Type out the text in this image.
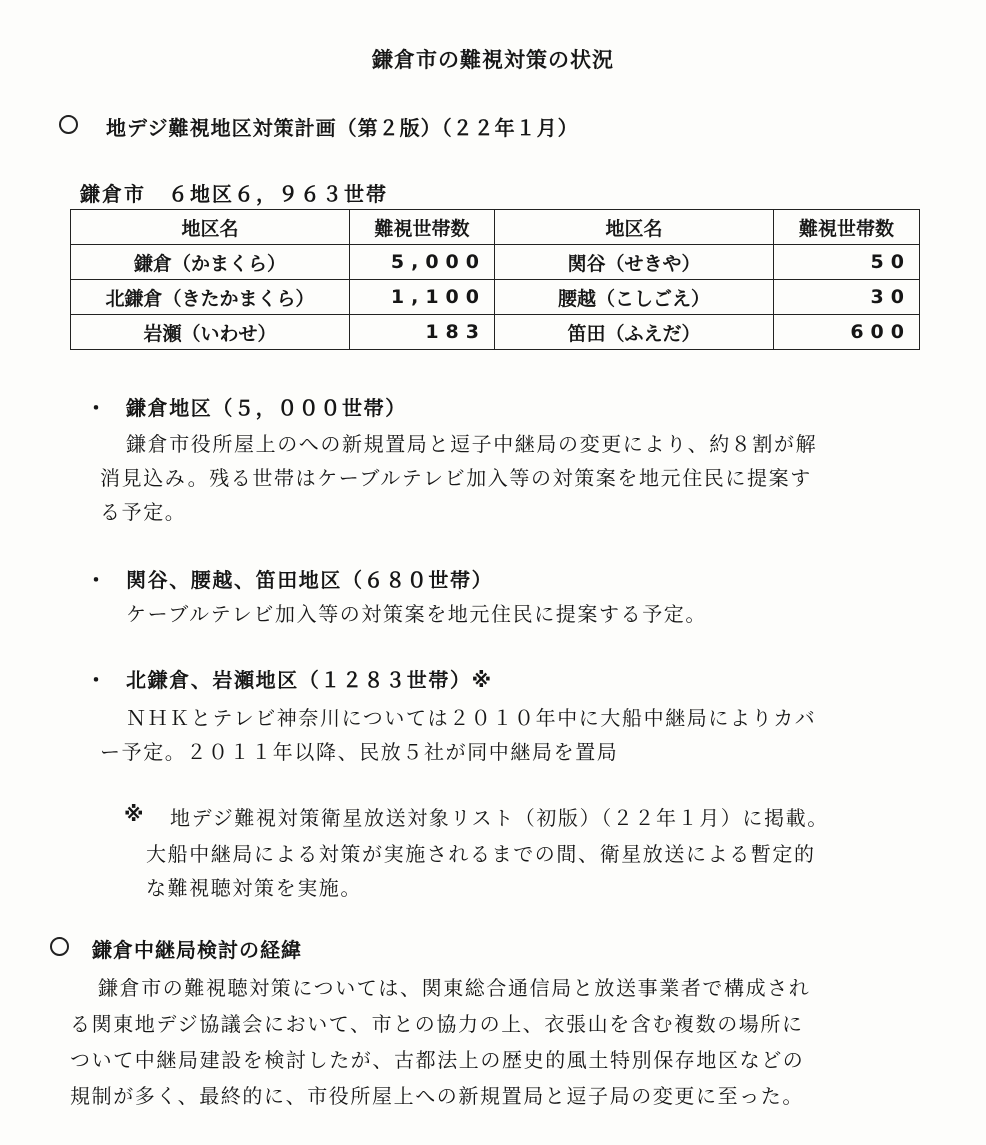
鎌倉市の難視対策の状況
地デジ難視地区対策計画（第２版）（２２年１月）
鎌倉市　６地区６，９６３世帯
地区名	難視世帯数	地区名	難視世帯数
鎌倉（かまくら）	5,000	関谷（せきや）	50
北鎌倉（きたかまくら）	1,100	腰越（こしごえ）	30
岩瀬（いわせ）	183	笛田（ふえだ）	600
・ 鎌倉地区（５，０００世帯）
鎌倉市役所屋上のへの新規置局と逗子中継局の変更により、約８割が解
消見込み。残る世帯はケーブルテレビ加入等の対策案を地元住民に提案す
る予定。
・ 関谷、腰越、笛田地区（６８０世帯）
ケーブルテレビ加入等の対策案を地元住民に提案する予定。
・ 北鎌倉、岩瀬地区（１２８３世帯）※
ＮＨＫとテレビ神奈川については２０１０年中に大船中継局によりカバ
ー予定。２０１１年以降、民放５社が同中継局を置局
※ 地デジ難視対策衛星放送対象リスト（初版）（２２年１月）に掲載。
大船中継局による対策が実施されるまでの間、衛星放送による暫定的
な難視聴対策を実施。
鎌倉中継局検討の経緯
鎌倉市の難視聴対策については、関東総合通信局と放送事業者で構成され
る関東地デジ協議会において、市との協力の上、衣張山を含む複数の場所に
ついて中継局建設を検討したが、古都法上の歴史的風土特別保存地区などの
規制が多く、最終的に、市役所屋上への新規置局と逗子局の変更に至った。
